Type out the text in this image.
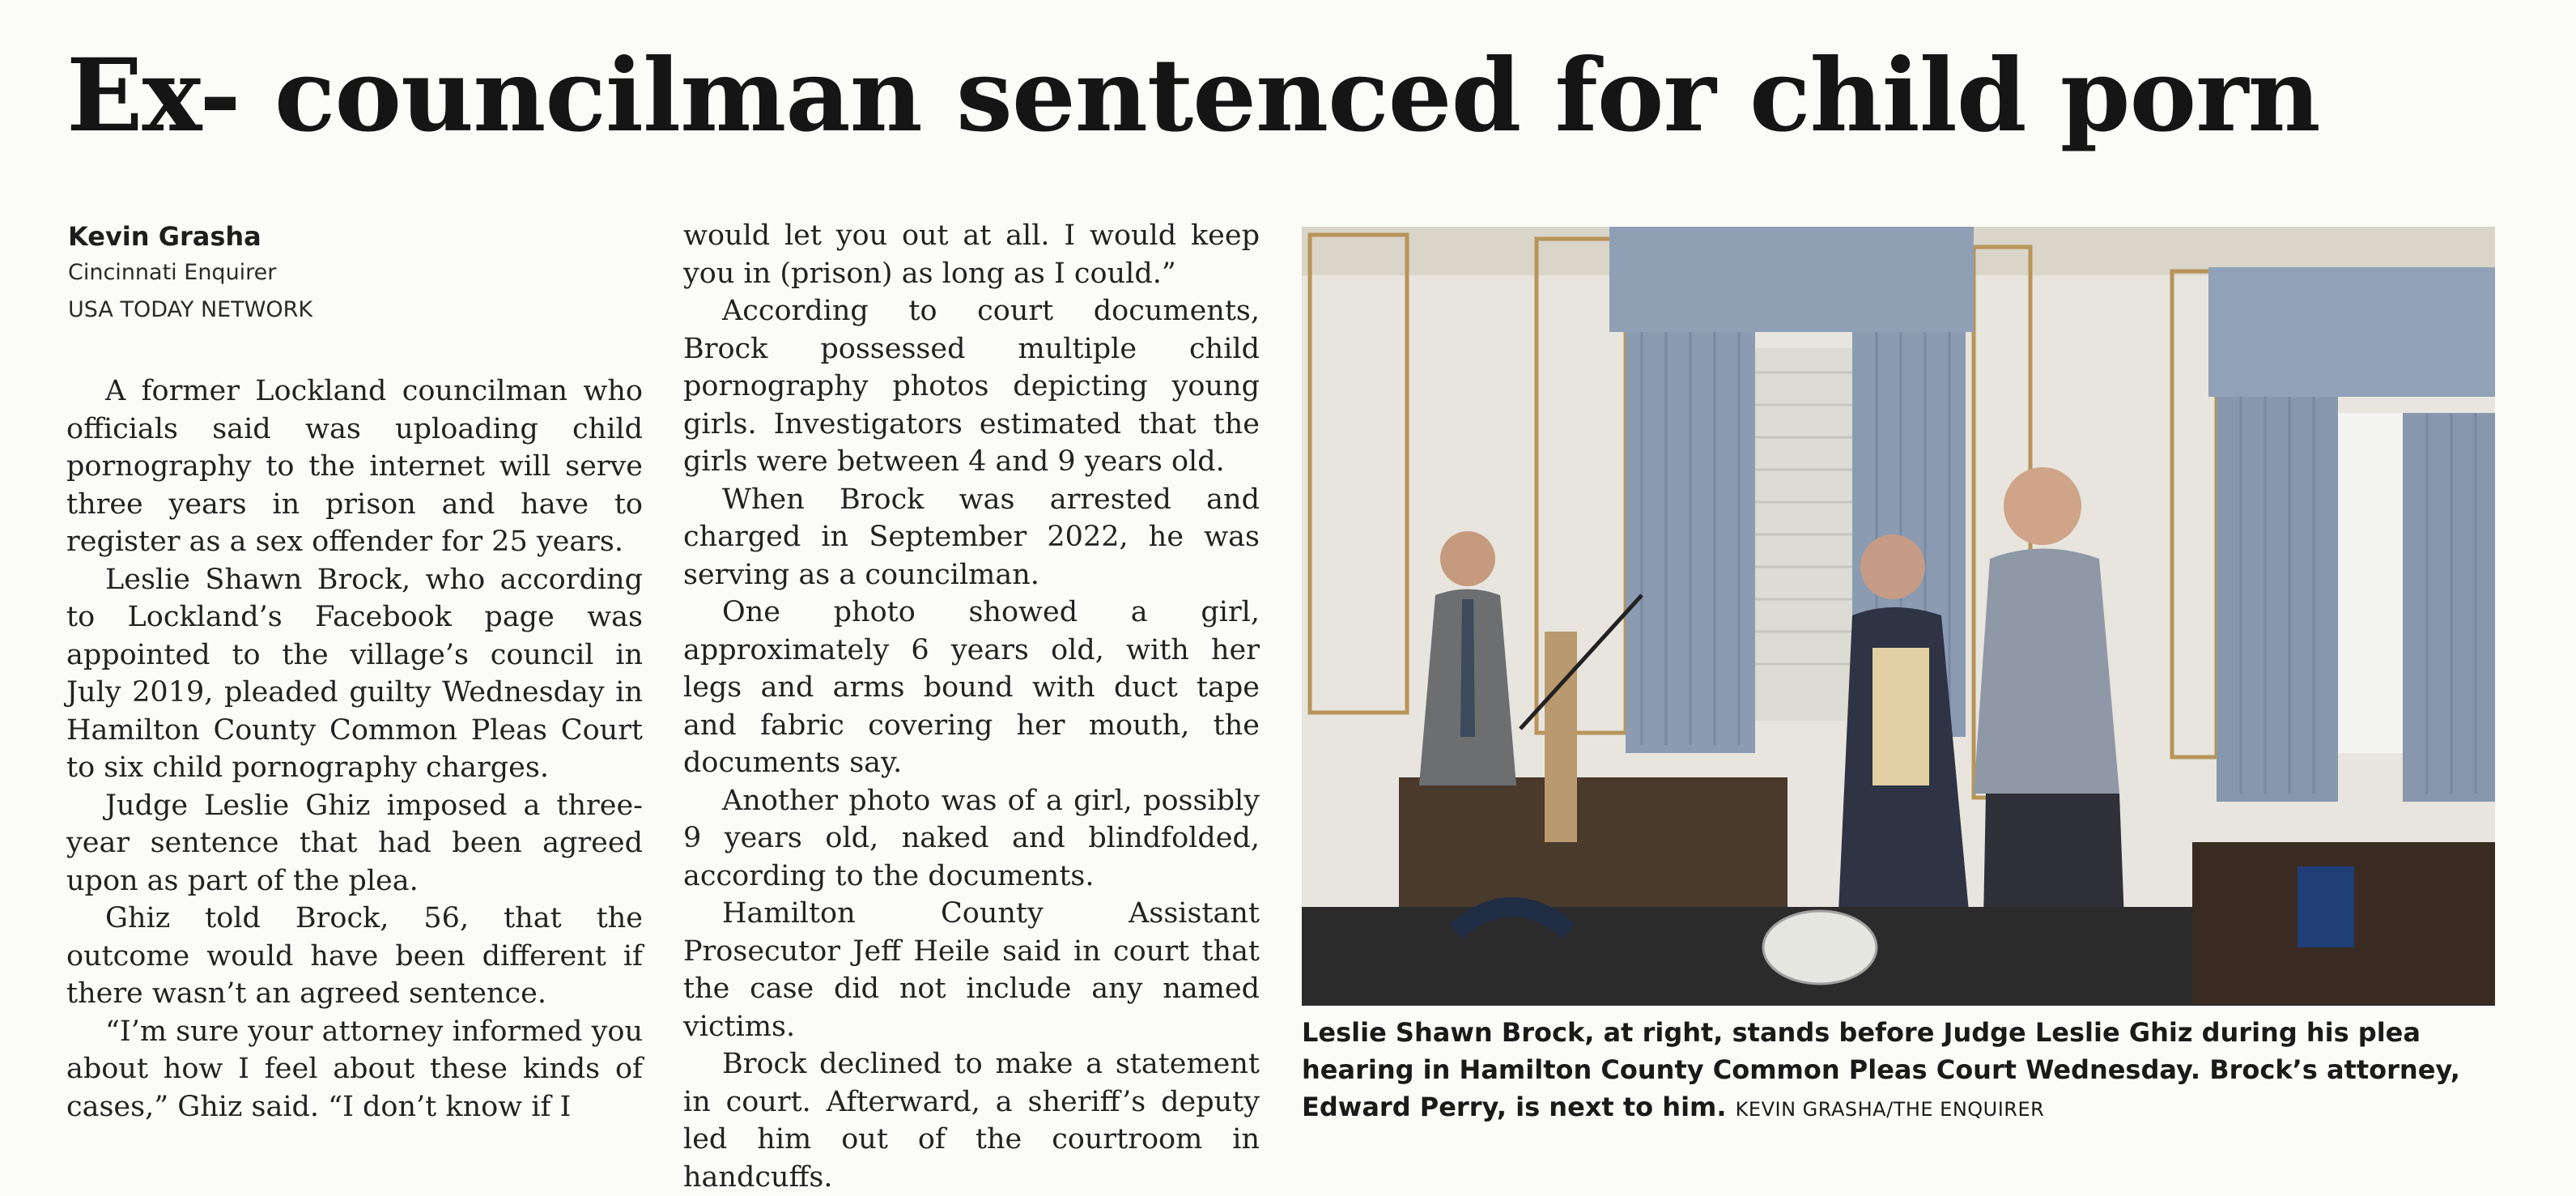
Ex- councilman sentenced for child porn
Kevin Grasha
Cincinnati Enquirer
USA TODAY NETWORK

A former Lockland councilman who officials said was uploading child pornography to the internet will serve three years in prison and have to register as a sex offender for 25 years.

Leslie Shawn Brock, who according to Lockland’s Facebook page was appointed to the village’s council in July 2019, pleaded guilty Wednesday in Hamilton County Common Pleas Court to six child pornography charges.

Judge Leslie Ghiz imposed a three-year sentence that had been agreed upon as part of the plea.

Ghiz told Brock, 56, that the outcome would have been different if there wasn’t an agreed sentence.

“I’m sure your attorney informed you about how I feel about these kinds of cases,” Ghiz said. “I don’t know if I

would let you out at all. I would keep you in (prison) as long as I could.”

According to court documents, Brock possessed multiple child pornography photos depicting young girls. Investigators estimated that the girls were between 4 and 9 years old.

When Brock was arrested and charged in September 2022, he was serving as a councilman.

One photo showed a girl, approximately 6 years old, with her legs and arms bound with duct tape and fabric covering her mouth, the documents say.

Another photo was of a girl, possibly 9 years old, naked and blindfolded, according to the documents.

Hamilton County Assistant Prosecutor Jeff Heile said in court that the case did not include any named victims.

Brock declined to make a statement in court. Afterward, a sheriff’s deputy led him out of the courtroom in handcuffs.

Leslie Shawn Brock, at right, stands before Judge Leslie Ghiz during his plea hearing in Hamilton County Common Pleas Court Wednesday. Brock’s attorney, Edward Perry, is next to him. KEVIN GRASHA/THE ENQUIRER
